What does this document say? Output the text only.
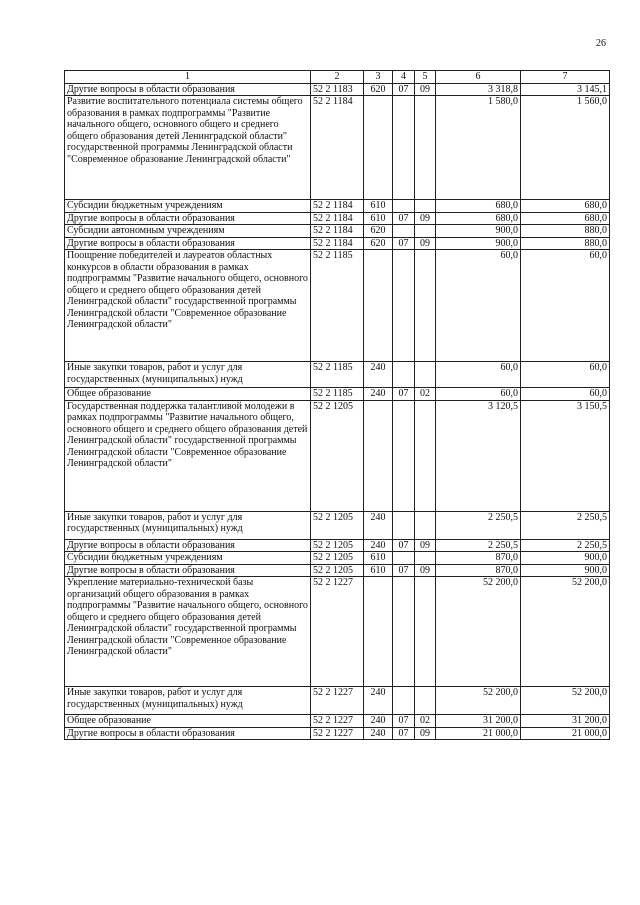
26
1	2	3	4	5	6	7
Другие вопросы в области образования	52 2 1183	620	07	09	3 318,8	3 145,1
Развитие воспитательного потенциала системы общего образования в рамках подпрограммы "Развитие начального общего, основного общего и среднего общего образования детей Ленинградской области" государственной программы Ленинградской области "Современное образование Ленинградской области"	52 2 1184				1 580,0	1 560,0
Субсидии бюджетным учреждениям	52 2 1184	610			680,0	680,0
Другие вопросы в области образования	52 2 1184	610	07	09	680,0	680,0
Субсидии автономным учреждениям	52 2 1184	620			900,0	880,0
Другие вопросы в области образования	52 2 1184	620	07	09	900,0	880,0
Поощрение победителей и лауреатов областных конкурсов в области образования в рамках подпрограммы "Развитие начального общего, основного общего и среднего общего образования детей Ленинградской области" государственной программы Ленинградской области "Современное образование Ленинградской области"	52 2 1185				60,0	60,0
Иные закупки товаров, работ и услуг для государственных (муниципальных) нужд	52 2 1185	240			60,0	60,0
Общее образование	52 2 1185	240	07	02	60,0	60,0
Государственная поддержка талантливой молодежи в рамках подпрограммы "Развитие начального общего, основного общего и среднего общего образования детей Ленинградской области" государственной программы Ленинградской области "Современное образование Ленинградской области"	52 2 1205				3 120,5	3 150,5
Иные закупки товаров, работ и услуг для государственных (муниципальных) нужд	52 2 1205	240			2 250,5	2 250,5
Другие вопросы в области образования	52 2 1205	240	07	09	2 250,5	2 250,5
Субсидии бюджетным учреждениям	52 2 1205	610			870,0	900,0
Другие вопросы в области образования	52 2 1205	610	07	09	870,0	900,0
Укрепление материально-технической базы организаций общего образования в рамках подпрограммы "Развитие начального общего, основного общего и среднего общего образования детей Ленинградской области" государственной программы Ленинградской области "Современное образование Ленинградской области"	52 2 1227				52 200,0	52 200,0
Иные закупки товаров, работ и услуг для государственных (муниципальных) нужд	52 2 1227	240			52 200,0	52 200,0
Общее образование	52 2 1227	240	07	02	31 200,0	31 200,0
Другие вопросы в области образования	52 2 1227	240	07	09	21 000,0	21 000,0
